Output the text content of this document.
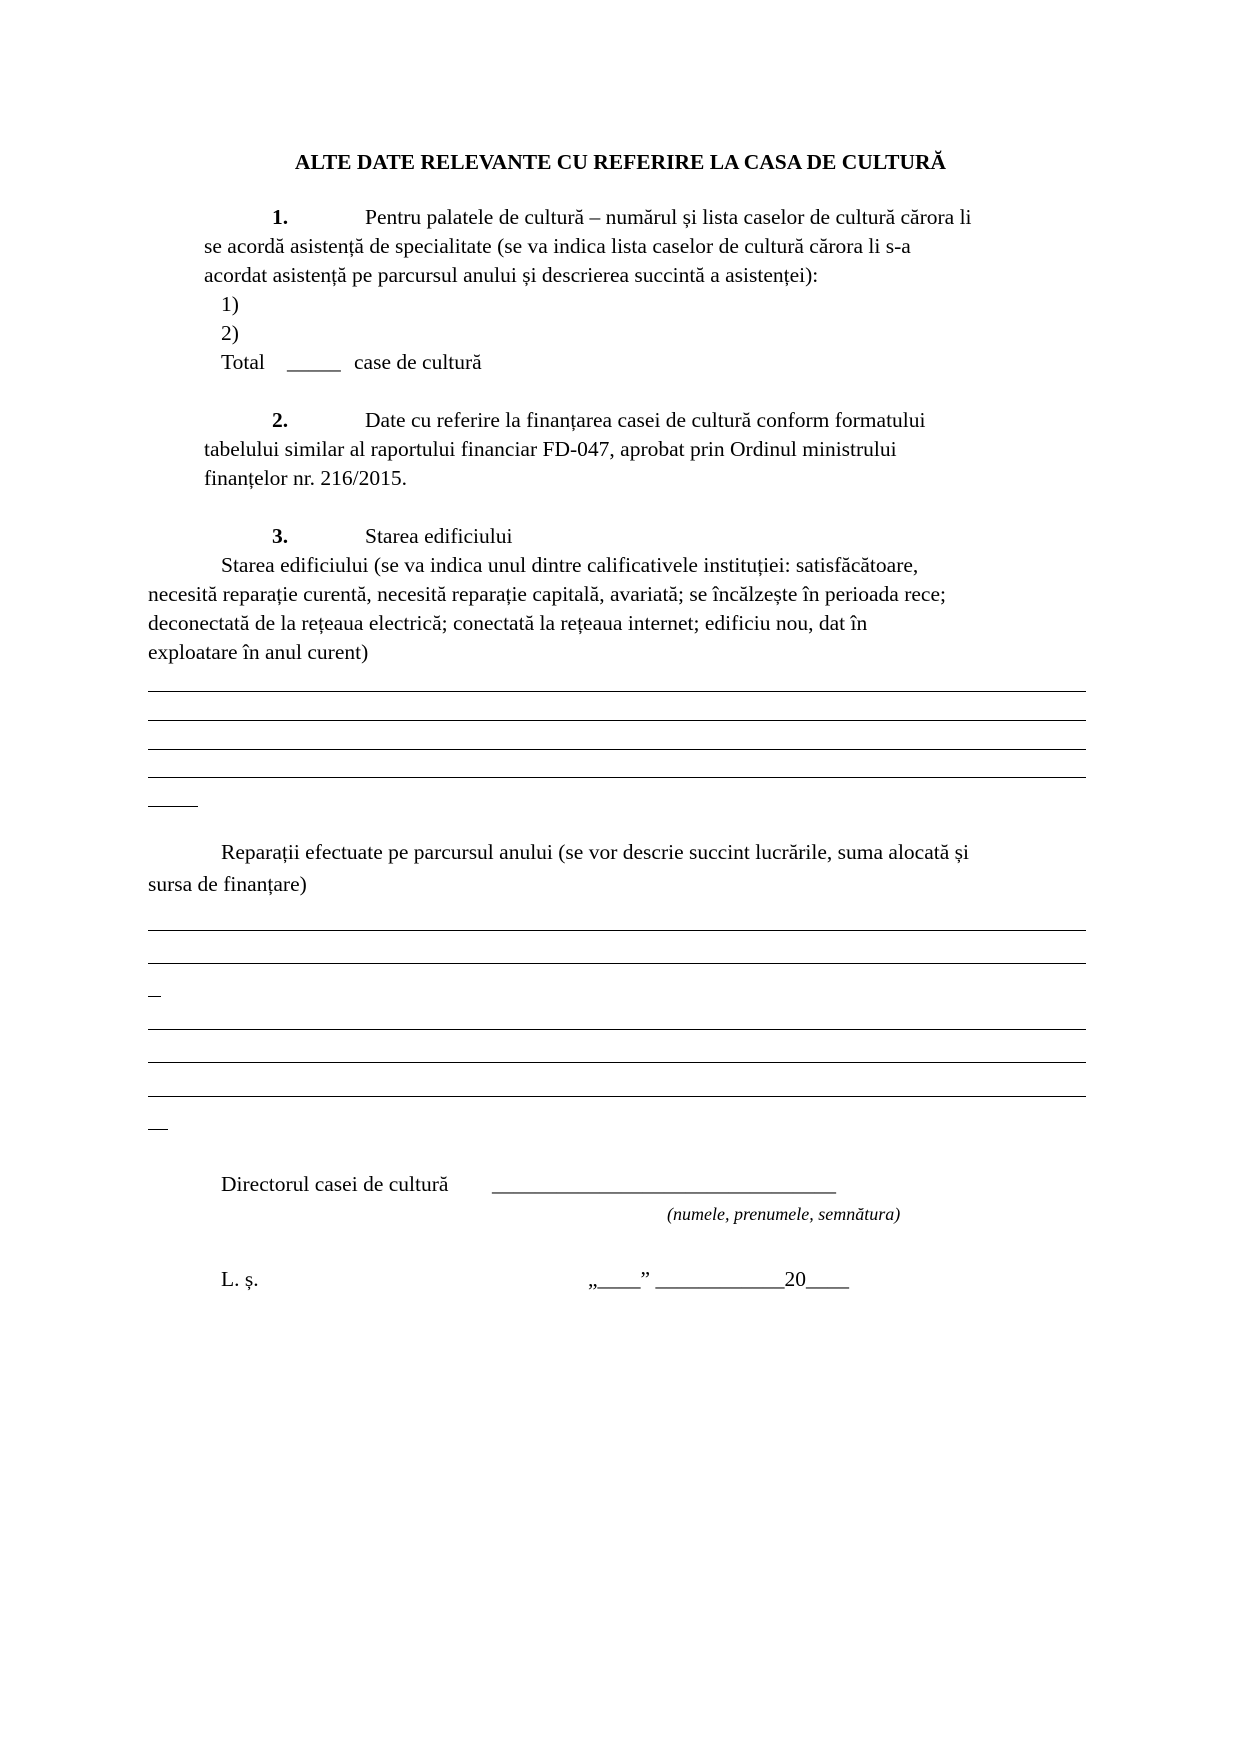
ALTE DATE RELEVANTE CU REFERIRE LA CASA DE CULTURĂ
1.	Pentru palatele de cultură – numărul și lista caselor de cultură cărora li
se acordă asistență de specialitate (se va indica lista caselor de cultură cărora li s-a
acordat asistență pe parcursul anului și descrierea succintă a asistenței):
1)
2)
Total _____ case de cultură
2.	Date cu referire la finanțarea casei de cultură conform formatului
tabelului similar al raportului financiar FD-047, aprobat prin Ordinul ministrului
finanțelor nr. 216/2015.
3.	Starea edificiului
Starea edificiului (se va indica unul dintre calificativele instituției: satisfăcătoare,
necesită reparație curentă, necesită reparație capitală, avariată; se încălzește în perioada rece;
deconectată de la rețeaua electrică; conectată la rețeaua internet; edificiu nou, dat în
exploatare în anul curent)
Reparații efectuate pe parcursul anului (se vor descrie succint lucrările, suma alocată și
sursa de finanțare)
Directorul casei de cultură ________________________________
(numele, prenumele, semnătura)
L. ș.	„____” ____________20____
